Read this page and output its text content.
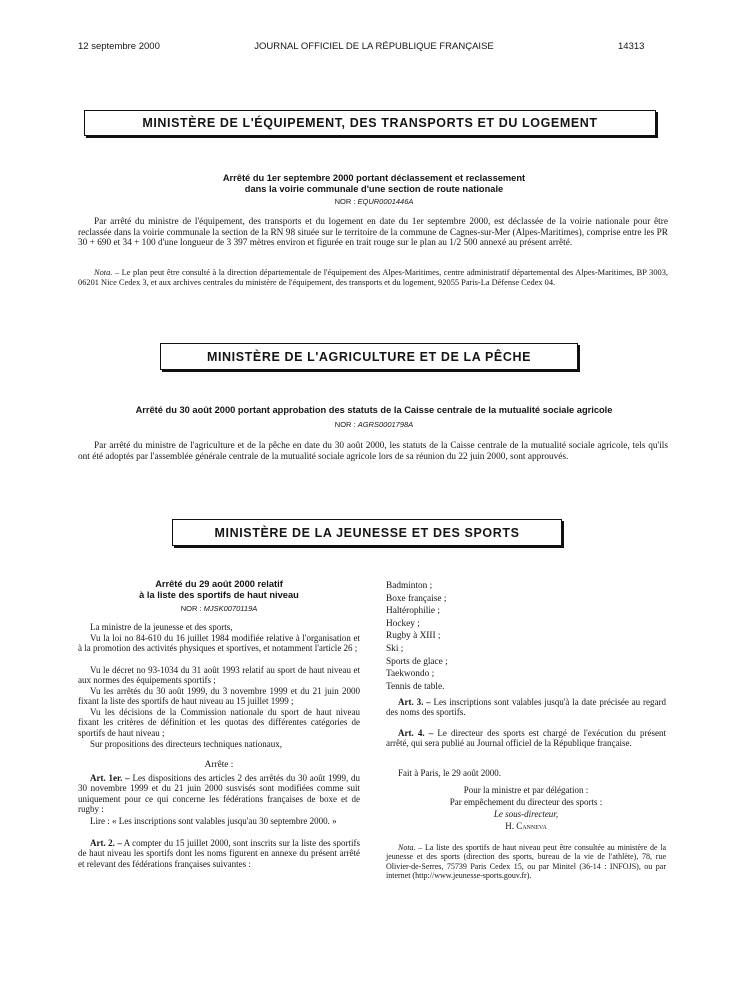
12 septembre 2000	JOURNAL OFFICIEL DE LA RÉPUBLIQUE FRANÇAISE	14313
MINISTÈRE DE L'ÉQUIPEMENT, DES TRANSPORTS ET DU LOGEMENT
Arrêté du 1er septembre 2000 portant déclassement et reclassement
dans la voirie communale d'une section de route nationale
NOR : EQUR0001446A

Par arrêté du ministre de l'équipement, des transports et du logement en date du 1er septembre 2000, est déclassée de la voirie nationale pour être reclassée dans la voirie communale la section de la RN 98 située sur le territoire de la commune de Cagnes-sur-Mer (Alpes-Maritimes), comprise entre les PR 30 + 690 et 34 + 100 d'une longueur de 3 397 mètres environ et figurée en trait rouge sur le plan au 1/2 500 annexé au présent arrêté.

Nota. – Le plan peut être consulté à la direction départementale de l'équipement des Alpes-Maritimes, centre administratif départemental des Alpes-Maritimes, BP 3003, 06201 Nice Cedex 3, et aux archives centrales du ministère de l'équipement, des transports et du logement, 92055 Paris-La Défense Cedex 04.

MINISTÈRE DE L'AGRICULTURE ET DE LA PÊCHE
Arrêté du 30 août 2000 portant approbation des statuts de la Caisse centrale de la mutualité sociale agricole
NOR : AGRS0001798A

Par arrêté du ministre de l'agriculture et de la pêche en date du 30 août 2000, les statuts de la Caisse centrale de la mutualité sociale agricole, tels qu'ils ont été adoptés par l'assemblée générale centrale de la mutualité sociale agricole lors de sa réunion du 22 juin 2000, sont approuvés.

MINISTÈRE DE LA JEUNESSE ET DES SPORTS
Arrêté du 29 août 2000 relatif
à la liste des sportifs de haut niveau
NOR : MJSK0070119A

La ministre de la jeunesse et des sports,

Vu la loi no 84-610 du 16 juillet 1984 modifiée relative à l'organisation et à la promotion des activités physiques et sportives, et notamment l'article 26 ;

Vu le décret no 93-1034 du 31 août 1993 relatif au sport de haut niveau et aux normes des équipements sportifs ;

Vu les arrêtés du 30 août 1999, du 3 novembre 1999 et du 21 juin 2000 fixant la liste des sportifs de haut niveau au 15 juillet 1999 ;

Vu les décisions de la Commission nationale du sport de haut niveau fixant les critères de définition et les quotas des différentes catégories de sportifs de haut niveau ;

Sur propositions des directeurs techniques nationaux,

Arrête :

Art. 1er. – Les dispositions des articles 2 des arrêtés du 30 août 1999, du 30 novembre 1999 et du 21 juin 2000 susvisés sont modifiées comme suit uniquement pour ce qui concerne les fédérations françaises de boxe et de rugby :

Lire : « Les inscriptions sont valables jusqu'au 30 septembre 2000. »

Art. 2. – A compter du 15 juillet 2000, sont inscrits sur la liste des sportifs de haut niveau les sportifs dont les noms figurent en annexe du présent arrêté et relevant des fédérations françaises suivantes :

Badminton ;
Boxe française ;
Haltérophilie ;
Hockey ;
Rugby à XIII ;
Ski ;
Sports de glace ;
Taekwondo ;
Tennis de table.

Art. 3. – Les inscriptions sont valables jusqu'à la date précisée au regard des noms des sportifs.

Art. 4. – Le directeur des sports est chargé de l'exécution du présent arrêté, qui sera publié au Journal officiel de la République française.

Fait à Paris, le 29 août 2000.

Pour la ministre et par délégation :
Par empêchement du directeur des sports :
Le sous-directeur,
H. Canneva

Nota. – La liste des sportifs de haut niveau peut être consultée au ministère de la jeunesse et des sports (direction des sports, bureau de la vie de l'athlète), 78, rue Olivier-de-Serres, 75739 Paris Cedex 15, ou par Minitel (36-14 : INFOJS), ou par internet (http://www.jeunesse-sports.gouv.fr).
